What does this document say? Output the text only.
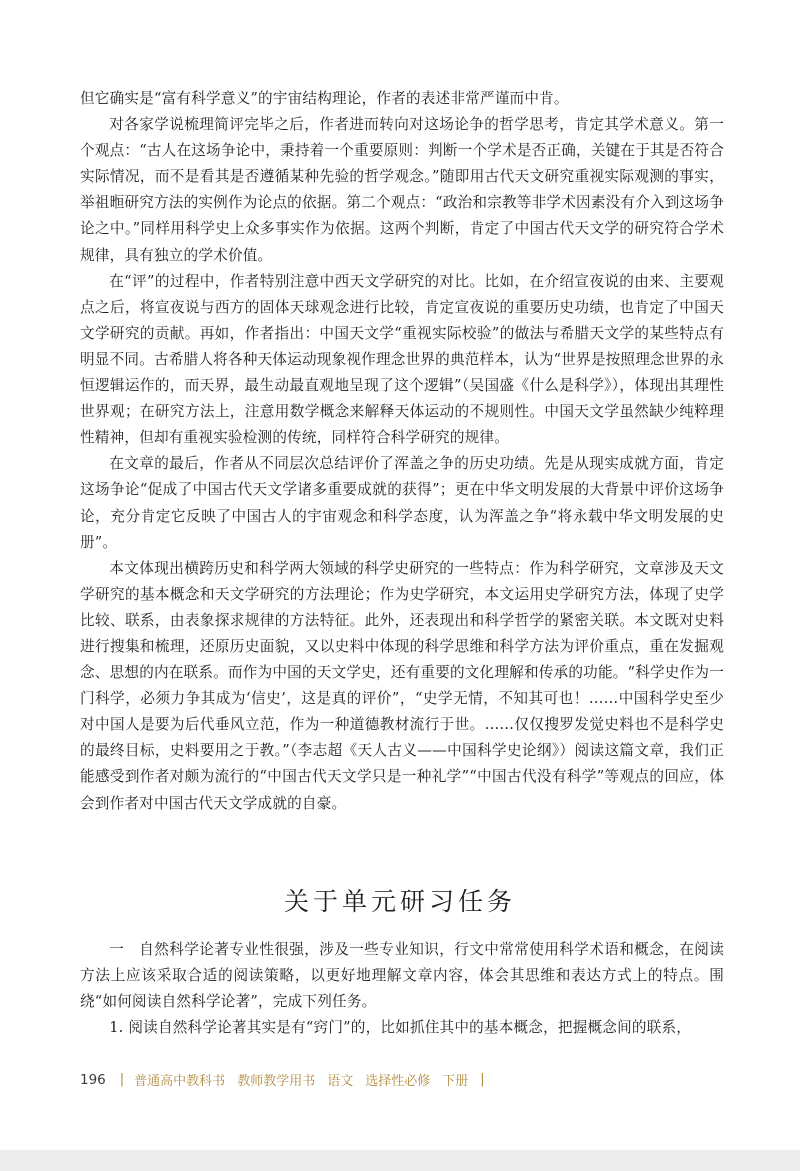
但它确实是“富有科学意义”的宇宙结构理论，作者的表述非常严谨而中肯。

对各家学说梳理简评完毕之后，作者进而转向对这场论争的哲学思考，肯定其学术意义。第一个观点：“古人在这场争论中，秉持着一个重要原则：判断一个学术是否正确，关键在于其是否符合实际情况，而不是看其是否遵循某种先验的哲学观念。”随即用古代天文研究重视实际观测的事实，举祖暅研究方法的实例作为论点的依据。第二个观点：“政治和宗教等非学术因素没有介入到这场争论之中。”同样用科学史上众多事实作为依据。这两个判断，肯定了中国古代天文学的研究符合学术规律，具有独立的学术价值。

在“评”的过程中，作者特别注意中西天文学研究的对比。比如，在介绍宣夜说的由来、主要观点之后，将宣夜说与西方的固体天球观念进行比较，肯定宣夜说的重要历史功绩，也肯定了中国天文学研究的贡献。再如，作者指出：中国天文学“重视实际校验”的做法与希腊天文学的某些特点有明显不同。古希腊人将各种天体运动现象视作理念世界的典范样本，认为“世界是按照理念世界的永恒逻辑运作的，而天界，最生动最直观地呈现了这个逻辑”（吴国盛《什么是科学》），体现出其理性世界观；在研究方法上，注意用数学概念来解释天体运动的不规则性。中国天文学虽然缺少纯粹理性精神，但却有重视实验检测的传统，同样符合科学研究的规律。

在文章的最后，作者从不同层次总结评价了浑盖之争的历史功绩。先是从现实成就方面，肯定这场争论“促成了中国古代天文学诸多重要成就的获得”；更在中华文明发展的大背景中评价这场争论，充分肯定它反映了中国古人的宇宙观念和科学态度，认为浑盖之争“将永载中华文明发展的史册”。

本文体现出横跨历史和科学两大领域的科学史研究的一些特点：作为科学研究，文章涉及天文学研究的基本概念和天文学研究的方法理论；作为史学研究，本文运用史学研究方法，体现了史学比较、联系，由表象探求规律的方法特征。此外，还表现出和科学哲学的紧密关联。本文既对史料进行搜集和梳理，还原历史面貌，又以史料中体现的科学思维和科学方法为评价重点，重在发掘观念、思想的内在联系。而作为中国的天文学史，还有重要的文化理解和传承的功能。“科学史作为一门科学，必须力争其成为‘信史’，这是真的评价”，“史学无情，不知其可也！……中国科学史至少对中国人是要为后代垂风立范，作为一种道德教材流行于世。……仅仅搜罗发觉史料也不是科学史的最终目标，史料要用之于教。”（李志超《天人古义——中国科学史论纲》）阅读这篇文章，我们正能感受到作者对颇为流行的“中国古代天文学只是一种礼学”“中国古代没有科学”等观点的回应，体会到作者对中国古代天文学成就的自豪。

关于单元研习任务

一　自然科学论著专业性很强，涉及一些专业知识，行文中常常使用科学术语和概念，在阅读方法上应该采取合适的阅读策略，以更好地理解文章内容，体会其思维和表达方式上的特点。围绕“如何阅读自然科学论著”，完成下列任务。

1. 阅读自然科学论著其实是有“窍门”的，比如抓住其中的基本概念，把握概念间的联系，

196 | 普通高中教科书 教师教学用书 语文 选择性必修 下册 |
